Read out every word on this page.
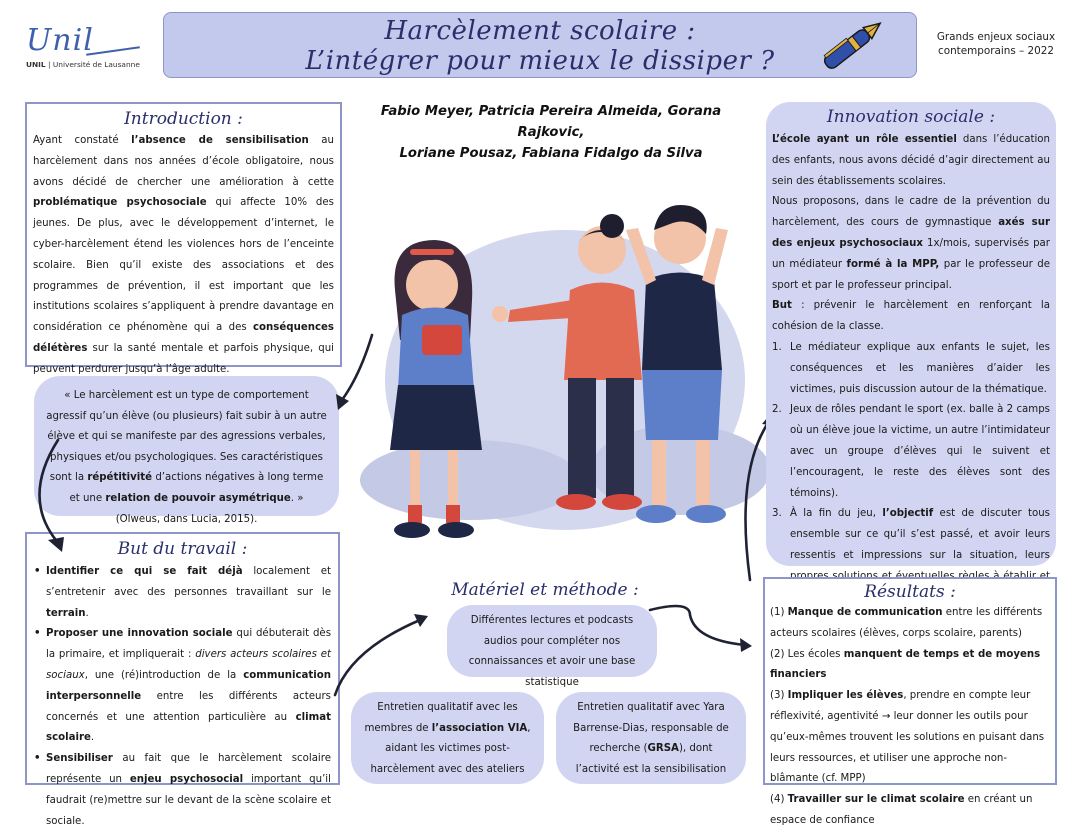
Unil
UNIL | Université de Lausanne
Harcèlement scolaire :
L’intégrer pour mieux le dissiper ?
Grands enjeux sociaux
contemporains – 2022
Fabio Meyer, Patricia Pereira Almeida, Gorana Rajkovic,
Loriane Pousaz, Fabiana Fidalgo da Silva
Introduction :
Ayant constaté l’absence de sensibilisation au harcèlement dans nos années d’école obligatoire, nous avons décidé de chercher une amélioration à cette problématique psychosociale qui affecte 10% des jeunes. De plus, avec le développement d’internet, le cyber-harcèlement étend les violences hors de l’enceinte scolaire. Bien qu’il existe des associations et des programmes de prévention, il est important que les institutions scolaires s’appliquent à prendre davantage en considération ce phénomène qui a des conséquences délétères sur la santé mentale et parfois physique, qui peuvent perdurer jusqu’à l’âge adulte.
« Le harcèlement est un type de comportement agressif qu’un élève (ou plusieurs) fait subir à un autre élève et qui se manifeste par des agressions verbales, physiques et/ou psychologiques. Ses caractéristiques sont la répétitivité d’actions négatives à long terme et une relation de pouvoir asymétrique. » (Olweus, dans Lucia, 2015).
But du travail :
• Identifier ce qui se fait déjà localement et s’entretenir avec des personnes travaillant sur le terrain.
• Proposer une innovation sociale qui débuterait dès la primaire, et impliquerait : divers acteurs scolaires et sociaux, une (ré)introduction de la communication interpersonnelle entre les différents acteurs concernés et une attention particulière au climat scolaire.
• Sensibiliser au fait que le harcèlement scolaire représente un enjeu psychosocial important qu’il faudrait (re)mettre sur le devant de la scène scolaire et sociale.
Matériel et méthode :
Différentes lectures et podcasts audios pour compléter nos connaissances et avoir une base statistique
Entretien qualitatif avec les membres de l’association VIA, aidant les victimes post-harcèlement avec des ateliers
Entretien qualitatif avec Yara Barrense-Dias, responsable de recherche (GRSA), dont l’activité est la sensibilisation
Innovation sociale :
L’école ayant un rôle essentiel dans l’éducation des enfants, nous avons décidé d’agir directement au sein des établissements scolaires.
Nous proposons, dans le cadre de la prévention du harcèlement, des cours de gymnastique axés sur des enjeux psychosociaux 1x/mois, supervisés par un médiateur formé à la MPP, par le professeur de sport et par le professeur principal.
But : prévenir le harcèlement en renforçant la cohésion de la classe.
1. Le médiateur explique aux enfants le sujet, les conséquences et les manières d’aider les victimes, puis discussion autour de la thématique.
2. Jeux de rôles pendant le sport (ex. balle à 2 camps où un élève joue la victime, un autre l’intimidateur avec un groupe d’élèves qui le suivent et l’encouragent, le reste des élèves sont des témoins).
3. À la fin du jeu, l’objectif est de discuter tous ensemble sur ce qu’il s’est passé, et avoir leurs ressentis et impressions sur la situation, leurs
Résultats :
(1) Manque de communication entre les différents acteurs scolaires (élèves, corps scolaire, parents)
(2) Les écoles manquent de temps et de moyens financiers
(3) Impliquer les élèves, prendre en compte leur réflexivité, agentivité → leur donner les outils pour qu’eux-mêmes trouvent les solutions en puisant dans leurs ressources, et utiliser une approche non-blâmante (cf. MPP)
(4) Travailler sur le climat scolaire en créant un espace de confiance
